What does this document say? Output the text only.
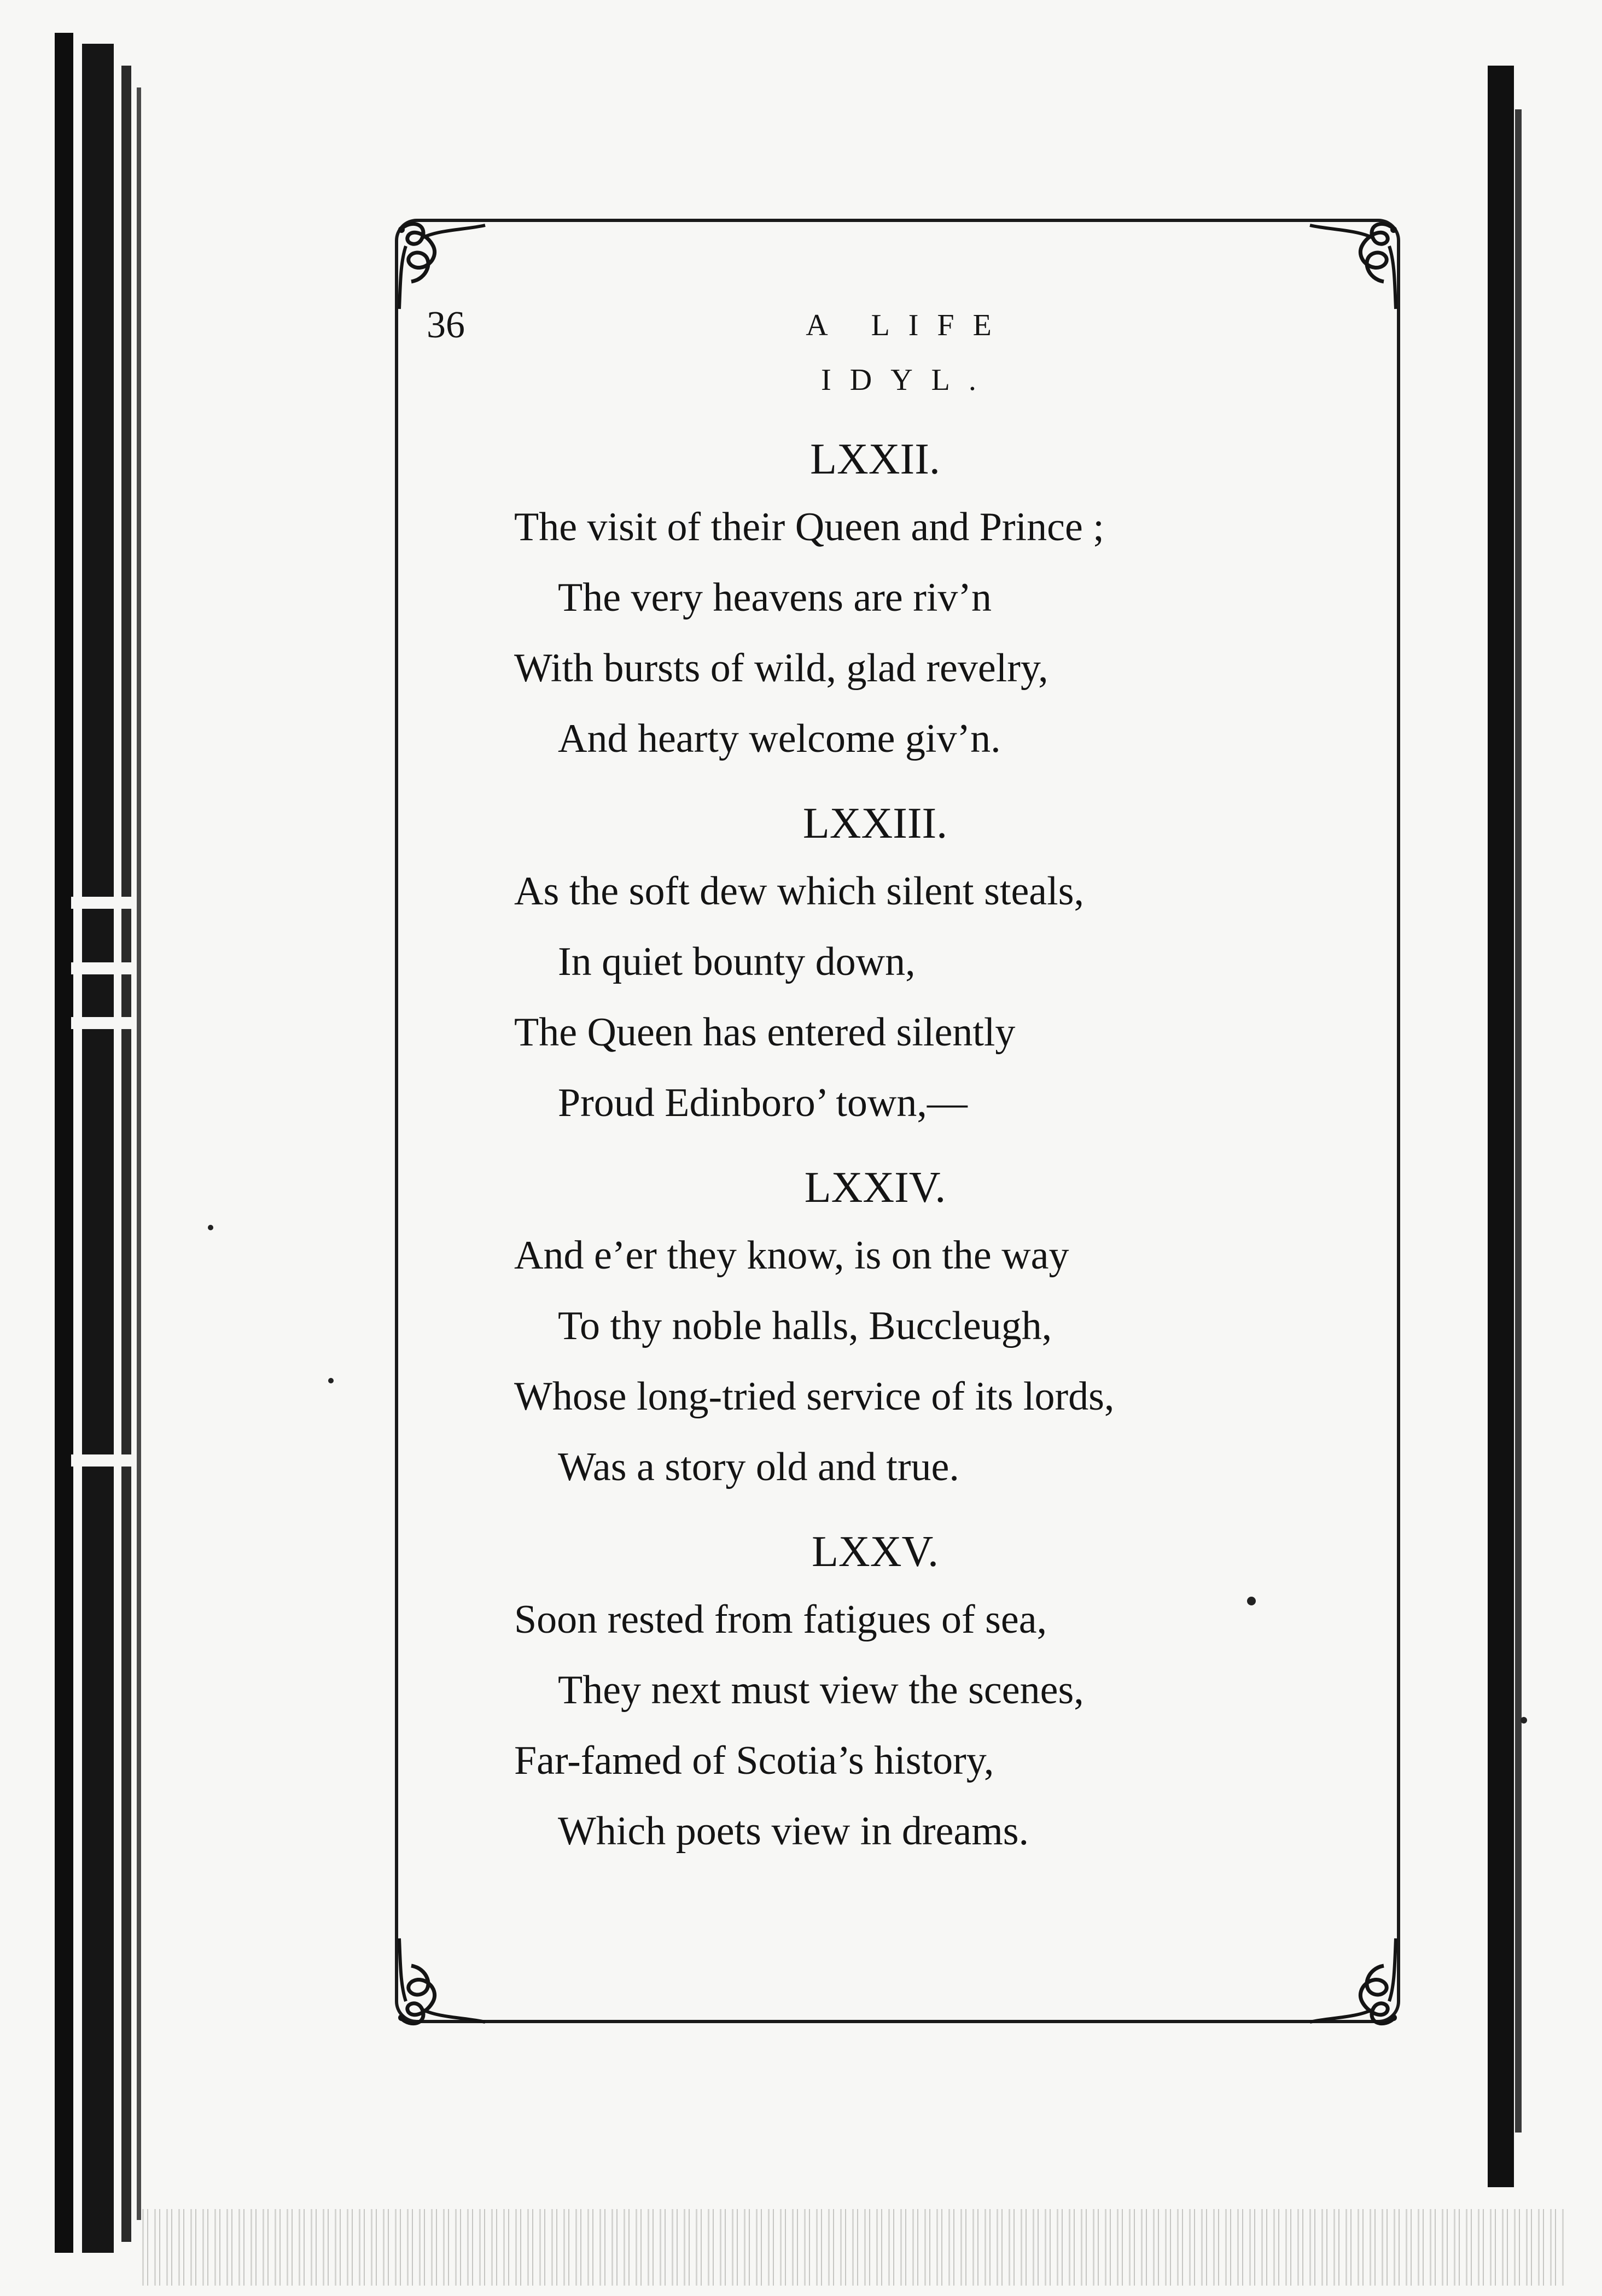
36	A LIFE IDYL.

LXXII.

The visit of their Queen and Prince ;

The very heavens are riv’n

With bursts of wild, glad revelry,

And hearty welcome giv’n.

LXXIII.

As the soft dew which silent steals,

In quiet bounty down,

The Queen has entered silently

Proud Edinboro’ town,—

LXXIV.

And e’er they know, is on the way

To thy noble halls, Buccleugh,

Whose long-tried service of its lords,

Was a story old and true.

LXXV.

Soon rested from fatigues of sea,

They next must view the scenes,

Far-famed of Scotia’s history,

Which poets view in dreams.
